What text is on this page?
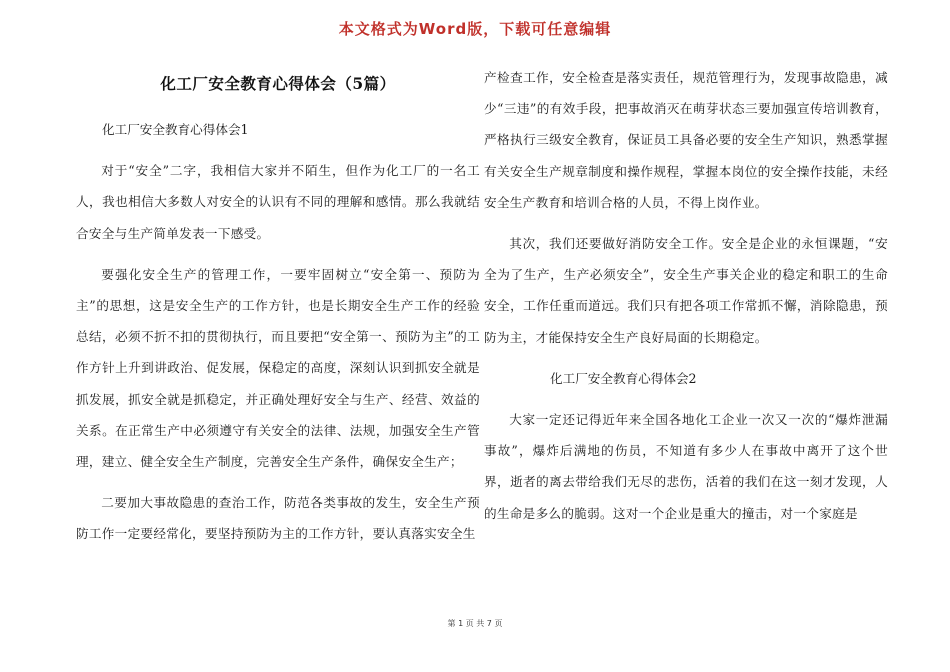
本文格式为Word版，下载可任意编辑
化工厂安全教育心得体会（5篇）

化工厂安全教育心得体会1

对于“安全”二字，我相信大家并不陌生，但作为化工厂的一名工人，我也相信大多数人对安全的认识有不同的理解和感情。那么我就结合安全与生产简单发表一下感受。

要强化安全生产的管理工作，一要牢固树立“安全第一、预防为主”的思想，这是安全生产的工作方针，也是长期安全生产工作的经验总结，必须不折不扣的贯彻执行，而且要把“安全第一、预防为主”的工作方针上升到讲政治、促发展，保稳定的高度，深刻认识到抓安全就是抓发展，抓安全就是抓稳定，并正确处理好安全与生产、经营、效益的关系。在正常生产中必须遵守有关安全的法律、法规，加强安全生产管理，建立、健全安全生产制度，完善安全生产条件，确保安全生产；

二要加大事故隐患的查治工作，防范各类事故的发生，安全生产预防工作一定要经常化，要坚持预防为主的工作方针，要认真落实安全生

产检查工作，安全检查是落实责任，规范管理行为，发现事故隐患，减少“三违”的有效手段，把事故消灭在萌芽状态三要加强宣传培训教育，严格执行三级安全教育，保证员工具备必要的安全生产知识，熟悉掌握有关安全生产规章制度和操作规程，掌握本岗位的安全操作技能，未经安全生产教育和培训合格的人员，不得上岗作业。

其次，我们还要做好消防安全工作。安全是企业的永恒课题，“安全为了生产，生产必须安全”，安全生产事关企业的稳定和职工的生命安全，工作任重而道远。我们只有把各项工作常抓不懈，消除隐患，预防为主，才能保持安全生产良好局面的长期稳定。

化工厂安全教育心得体会2

大家一定还记得近年来全国各地化工企业一次又一次的“爆炸泄漏事故”，爆炸后满地的伤员，不知道有多少人在事故中离开了这个世界，逝者的离去带给我们无尽的悲伤，活着的我们在这一刻才发现，人的生命是多么的脆弱。这对一个企业是重大的撞击，对一个家庭是

第 1 页 共 7 页
